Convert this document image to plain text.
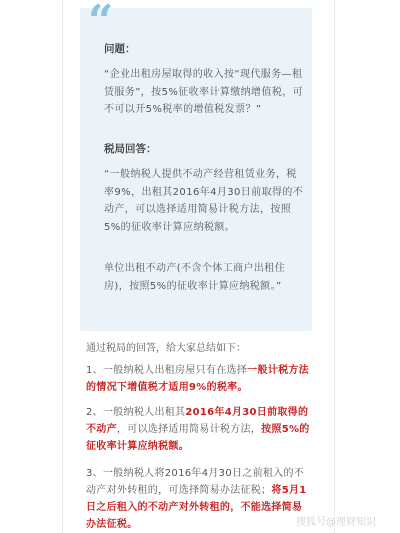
“
问题：
“企业出租房屋取得的收入按“现代服务—租赁服务”，按5%征收率计算缴纳增值税，可不可以开5%税率的增值税发票？”
税局回答：
“一般纳税人提供不动产经营租赁业务，税率9%，出租其2016年4月30日前取得的不动产，可以选择适用简易计税方法，按照5%的征收率计算应纳税额。
单位出租不动产(不含个体工商户出租住房)，按照5%的征收率计算应纳税额。”
通过税局的回答，给大家总结如下：
1、一般纳税人出租房屋只有在选择一般计税方法的情况下增值税才适用9%的税率。
2、一般纳税人出租其2016年4月30日前取得的不动产，可以选择适用简易计税方法，按照5%的征收率计算应纳税额。
3、一般纳税人将2016年4月30日之前租入的不动产对外转租的，可选择简易办法征税；将5月1日之后租入的不动产对外转租的，不能选择简易办法征税。	搜狐号@理财知识
